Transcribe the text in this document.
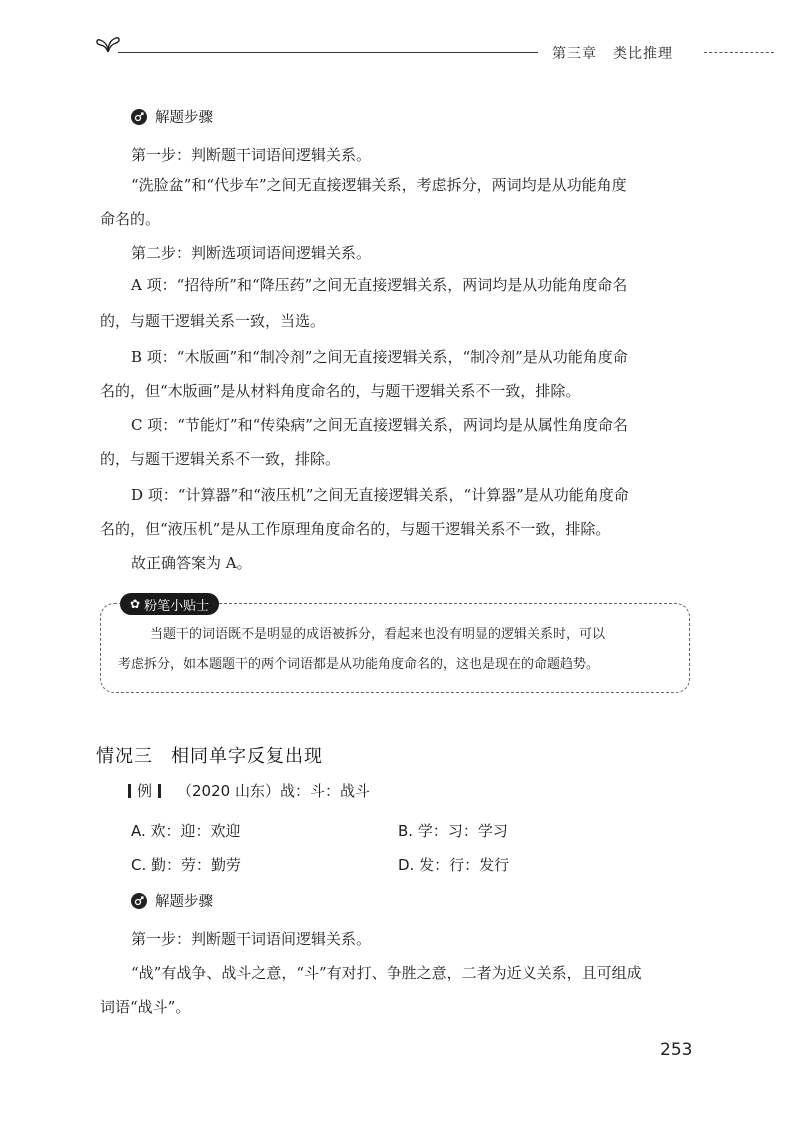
第三章 类比推理
解题步骤
第一步：判断题干词语间逻辑关系。
“洗脸盆”和“代步车”之间无直接逻辑关系，考虑拆分，两词均是从功能角度
命名的。
第二步：判断选项词语间逻辑关系。
A 项：“招待所”和“降压药”之间无直接逻辑关系，两词均是从功能角度命名
的，与题干逻辑关系一致，当选。
B 项：“木版画”和“制冷剂”之间无直接逻辑关系，“制冷剂”是从功能角度命
名的，但“木版画”是从材料角度命名的，与题干逻辑关系不一致，排除。
C 项：“节能灯”和“传染病”之间无直接逻辑关系，两词均是从属性角度命名
的，与题干逻辑关系不一致，排除。
D 项：“计算器”和“液压机”之间无直接逻辑关系，“计算器”是从功能角度命
名的，但“液压机”是从工作原理角度命名的，与题干逻辑关系不一致，排除。
故正确答案为 A。
✿ 粉笔小贴士
当题干的词语既不是明显的成语被拆分，看起来也没有明显的逻辑关系时，可以
考虑拆分，如本题题干的两个词语都是从功能角度命名的，这也是现在的命题趋势。
情况三 相同单字反复出现
例 （2020 山东）战：斗：战斗
A. 欢：迎：欢迎	B. 学：习：学习
C. 勤：劳：勤劳	D. 发：行：发行
解题步骤
第一步：判断题干词语间逻辑关系。
“战”有战争、战斗之意，“斗”有对打、争胜之意，二者为近义关系，且可组成
词语“战斗”。
253
